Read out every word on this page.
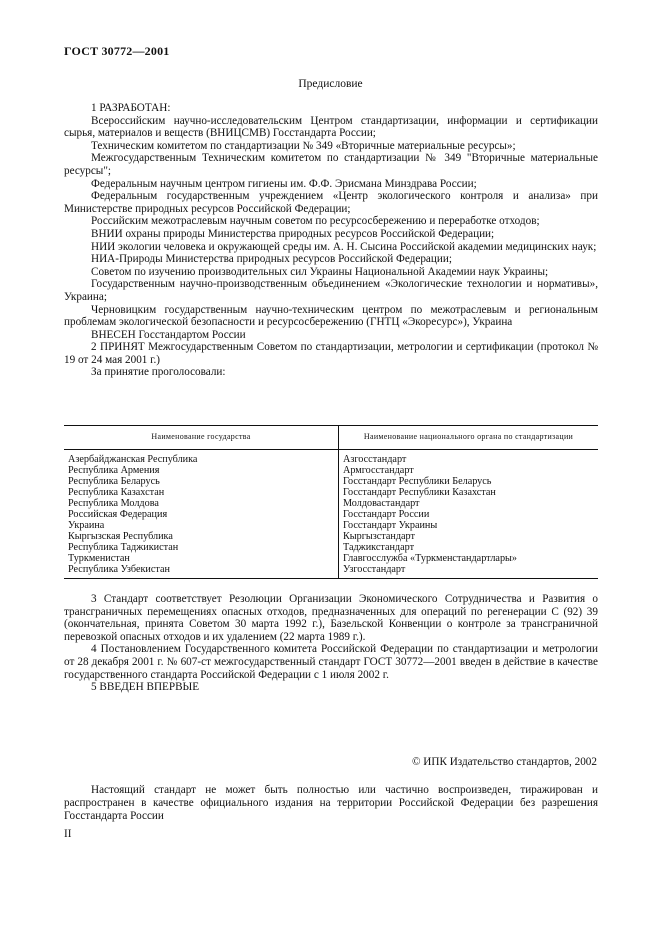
ГОСТ 30772—2001
Предисловие

1 РАЗРАБОТАН:

Всероссийским научно-исследовательским Центром стандартизации, информации и сертификации сырья, материалов и веществ (ВНИЦСМВ) Госстандарта России;

Техническим комитетом по стандартизации № 349 «Вторичные материальные ресурсы»;

Межгосударственным Техническим комитетом по стандартизации № 349 "Вторичные материальные ресурсы";

Федеральным научным центром гигиены им. Ф.Ф. Эрисмана Минздрава России;

Федеральным государственным учреждением «Центр экологического контроля и анализа» при Министерстве природных ресурсов Российской Федерации;

Российским межотраслевым научным советом по ресурсосбережению и переработке отходов;

ВНИИ охраны природы Министерства природных ресурсов Российской Федерации;

НИИ экологии человека и окружающей среды им. А. Н. Сысина Российской академии медицинских наук;

НИА-Природы Министерства природных ресурсов Российской Федерации;

Советом по изучению производительных сил Украины Национальной Академии наук Украины;

Государственным научно-производственным объединением «Экологические технологии и нормативы», Украина;

Черновицким государственным научно-техническим центром по межотраслевым и региональным проблемам экологической безопасности и ресурсосбережению (ГНТЦ «Экоресурс»), Украина

ВНЕСЕН Госстандартом России

2 ПРИНЯТ Межгосударственным Советом по стандартизации, метрологии и сертификации (протокол № 19 от 24 мая 2001 г.)

За принятие проголосовали:

Наименование государства	Наименование национального органа по стандартизации
Азербайджанская Республика	Азгосстандарт
Республика Армения	Армгосстандарт
Республика Беларусь	Госстандарт Республики Беларусь
Республика Казахстан	Госстандарт Республики Казахстан
Республика Молдова	Молдовастандарт
Российская Федерация	Госстандарт России
Украина	Госстандарт Украины
Кыргызская Республика	Кыргызстандарт
Республика Таджикистан	Таджикстандарт
Туркменистан	Главгосслужба «Туркменстандартлары»
Республика Узбекистан	Узгосстандарт

3 Стандарт соответствует Резолюции Организации Экономического Сотрудничества и Развития о трансграничных перемещениях опасных отходов, предназначенных для операций по регенерации С (92) 39 (окончательная, принята Советом 30 марта 1992 г.), Базельской Конвенции о контроле за трансграничной перевозкой опасных отходов и их удалением (22 марта 1989 г.).

4 Постановлением Государственного комитета Российской Федерации по стандартизации и метрологии от 28 декабря 2001 г. № 607-ст межгосударственный стандарт ГОСТ 30772—2001 введен в действие в качестве государственного стандарта Российской Федерации с 1 июля 2002 г.

5 ВВЕДЕН ВПЕРВЫЕ

© ИПК Издательство стандартов, 2002

Настоящий стандарт не может быть полностью или частично воспроизведен, тиражирован и распространен в качестве официального издания на территории Российской Федерации без разрешения Госстандарта России

II
